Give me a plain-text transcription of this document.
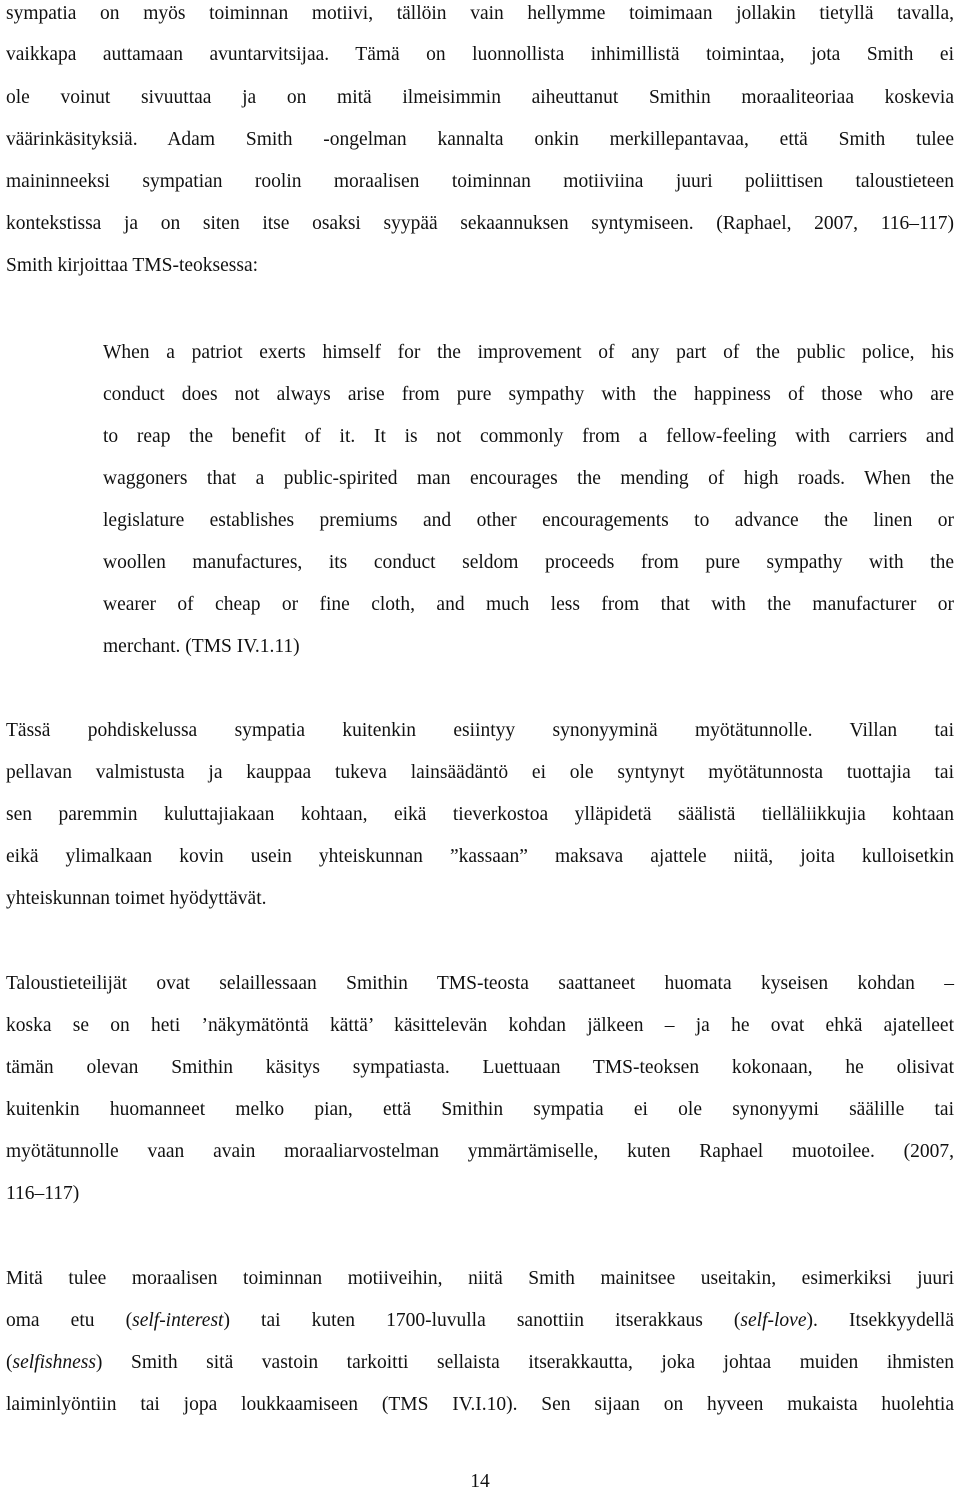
sympatia on myös toiminnan motiivi, tällöin vain hellymme toimimaan jollakin tietyllä tavalla,
vaikkapa auttamaan avuntarvitsijaa. Tämä on luonnollista inhimillistä toimintaa, jota Smith ei
ole voinut sivuuttaa ja on mitä ilmeisimmin aiheuttanut Smithin moraaliteoriaa koskevia
väärinkäsityksiä. Adam Smith -ongelman kannalta onkin merkillepantavaa, että Smith tulee
maininneeksi sympatian roolin moraalisen toiminnan motiiviina juuri poliittisen taloustieteen
kontekstissa ja on siten itse osaksi syypää sekaannuksen syntymiseen. (Raphael, 2007, 116–117)
Smith kirjoittaa TMS-teoksessa:
When a patriot exerts himself for the improvement of any part of the public police, his
conduct does not always arise from pure sympathy with the happiness of those who are
to reap the benefit of it. It is not commonly from a fellow-feeling with carriers and
waggoners that a public-spirited man encourages the mending of high roads. When the
legislature establishes premiums and other encouragements to advance the linen or
woollen manufactures, its conduct seldom proceeds from pure sympathy with the
wearer of cheap or fine cloth, and much less from that with the manufacturer or
merchant. (TMS IV.1.11)
Tässä pohdiskelussa sympatia kuitenkin esiintyy synonyyminä myötätunnolle. Villan tai
pellavan valmistusta ja kauppaa tukeva lainsäädäntö ei ole syntynyt myötätunnosta tuottajia tai
sen paremmin kuluttajiakaan kohtaan, eikä tieverkostoa ylläpidetä säälistä tielläliikkujia kohtaan
eikä ylimalkaan kovin usein yhteiskunnan ”kassaan” maksava ajattele niitä, joita kulloisetkin
yhteiskunnan toimet hyödyttävät.
Taloustieteilijät ovat selaillessaan Smithin TMS-teosta saattaneet huomata kyseisen kohdan –
koska se on heti ’näkymätöntä kättä’ käsittelevän kohdan jälkeen – ja he ovat ehkä ajatelleet
tämän olevan Smithin käsitys sympatiasta. Luettuaan TMS-teoksen kokonaan, he olisivat
kuitenkin huomanneet melko pian, että Smithin sympatia ei ole synonyymi säälille tai
myötätunnolle vaan avain moraaliarvostelman ymmärtämiselle, kuten Raphael muotoilee. (2007,
116–117)
Mitä tulee moraalisen toiminnan motiiveihin, niitä Smith mainitsee useitakin, esimerkiksi juuri
oma etu (self-interest) tai kuten 1700-luvulla sanottiin itserakkaus (self-love). Itsekkyydellä
(selfishness) Smith sitä vastoin tarkoitti sellaista itserakkautta, joka johtaa muiden ihmisten
laiminlyöntiin tai jopa loukkaamiseen (TMS IV.I.10). Sen sijaan on hyveen mukaista huolehtia
14
